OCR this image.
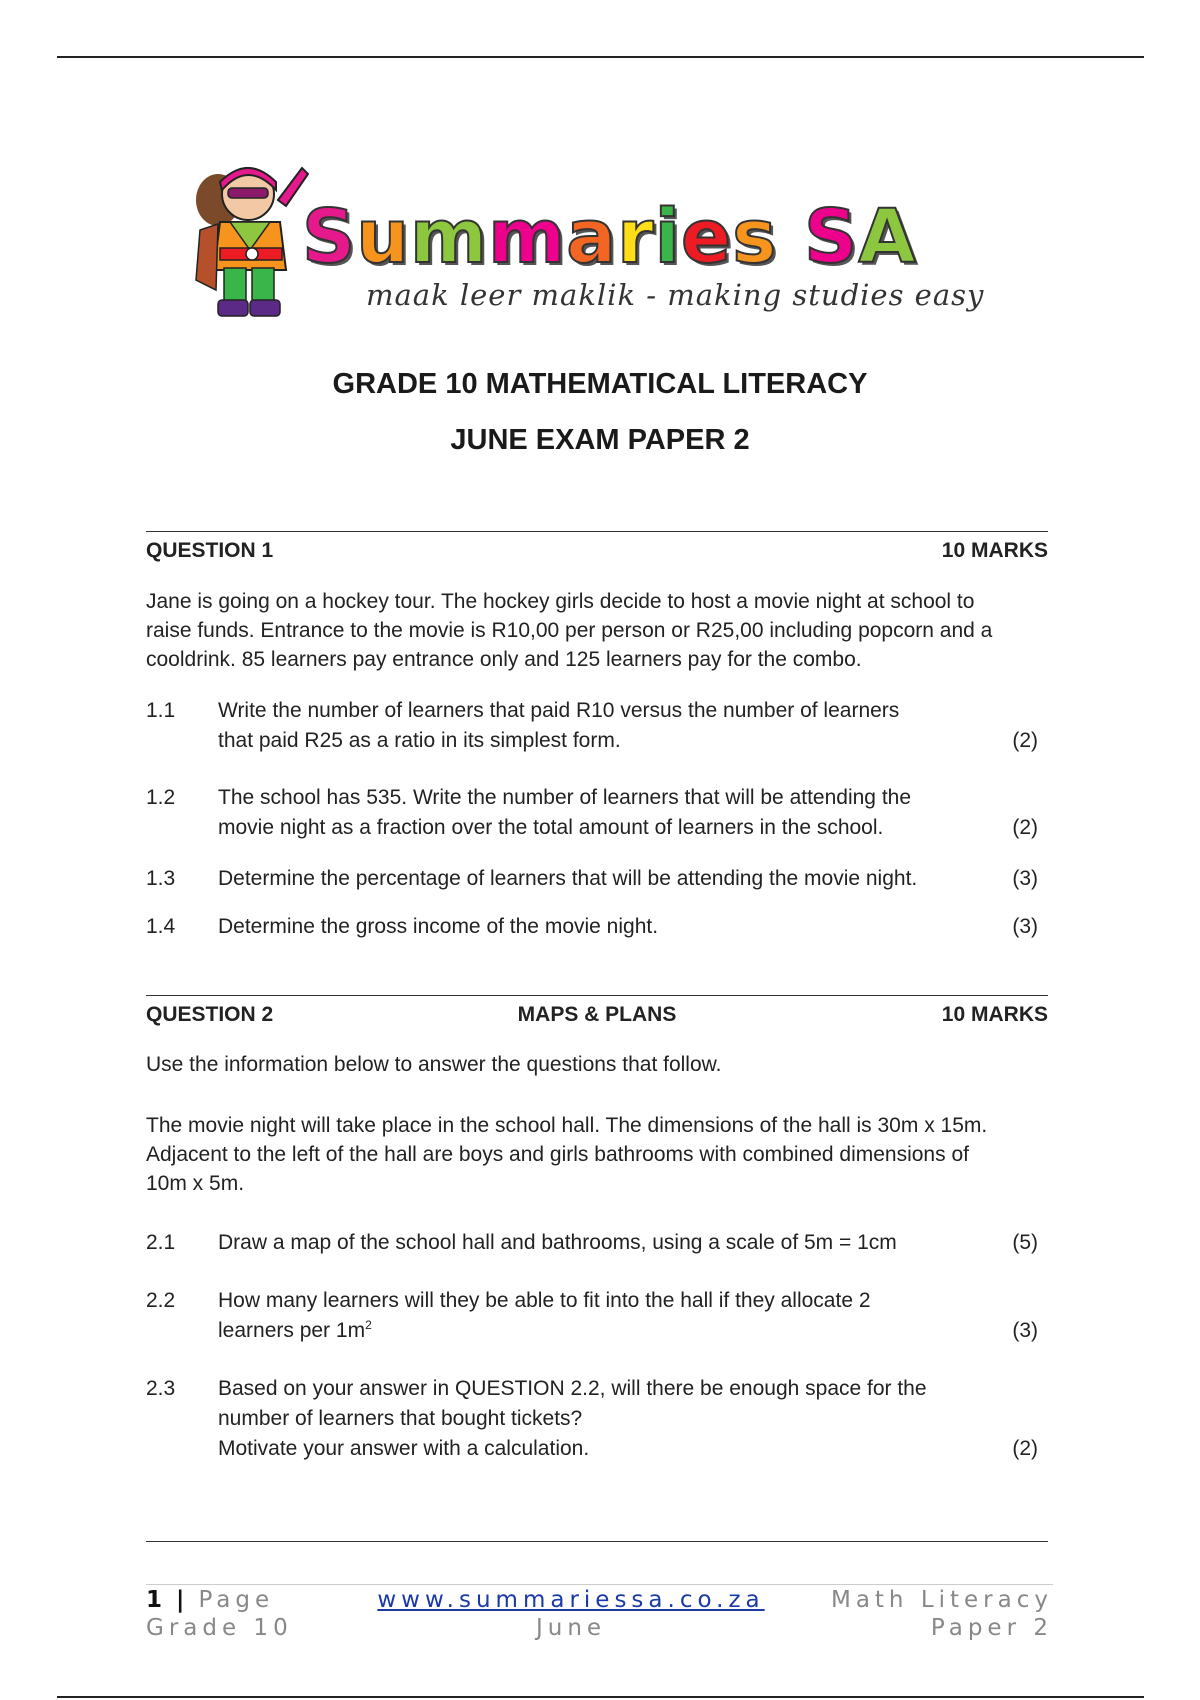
Summaries SA
maak leer maklik - making studies easy
GRADE 10 MATHEMATICAL LITERACY
JUNE EXAM PAPER 2
QUESTION 1	10 MARKS
Jane is going on a hockey tour. The hockey girls decide to host a movie night at school to
raise funds. Entrance to the movie is R10,00 per person or R25,00 including popcorn and a
cooldrink. 85 learners pay entrance only and 125 learners pay for the combo.
1.1	Write the number of learners that paid R10 versus the number of learners
that paid R25 as a ratio in its simplest form.	(2)
1.2	The school has 535. Write the number of learners that will be attending the
movie night as a fraction over the total amount of learners in the school.	(2)
1.3	Determine the percentage of learners that will be attending the movie night.	(3)
1.4	Determine the gross income of the movie night.	(3)
QUESTION 2	MAPS & PLANS	10 MARKS
Use the information below to answer the questions that follow.
The movie night will take place in the school hall. The dimensions of the hall is 30m x 15m.
Adjacent to the left of the hall are boys and girls bathrooms with combined dimensions of
10m x 5m.
2.1	Draw a map of the school hall and bathrooms, using a scale of 5m = 1cm	(5)
2.2	How many learners will they be able to fit into the hall if they allocate 2
learners per $1m^2$	(3)
2.3	Based on your answer in QUESTION 2.2, will there be enough space for the
number of learners that bought tickets?
Motivate your answer with a calculation.	(2)
1 | Page
Grade 10
www.summariessa.co.za
June
Math Literacy
Paper 2
